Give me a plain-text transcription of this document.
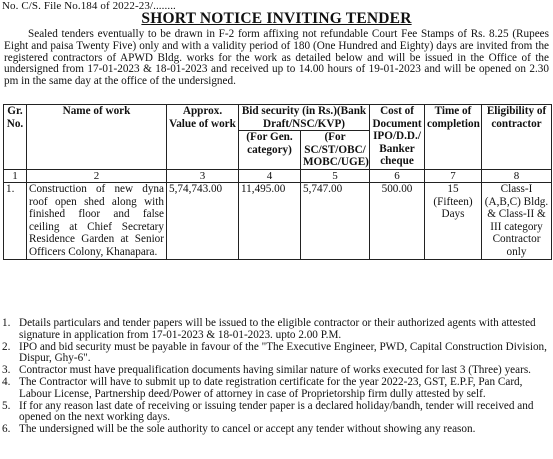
No. C/S. File No.184 of 2022-23/........
SHORT NOTICE INVITING TENDER

Sealed tenders eventually to be drawn in F-2 form affixing not refundable Court Fee Stamps of Rs. 8.25 (Rupees Eight and paisa Twenty Five) only and with a validity period of 180 (One Hundred and Eighty) days are invited from the registered contractors of APWD Bldg. works for the work as detailed below and will be issued in the Office of the undersigned from 17-01-2023 & 18-01-2023 and received up to 14.00 hours of 19-01-2023 and will be opened on 2.30 pm in the same day at the office of the undersigned.

Gr. No.	Name of work	Approx. Value of work	Bid security (in Rs.)(Bank Draft/NSC/KVP)		Cost of Document IPO/D.D./ Banker cheque	Time of completion	Eligibility of contractor
			(For Gen. category)	(For SC/ST/OBC/ MOBC/UGE)			
1	2	3	4	5	6	7	8
1.	Construction of new dyna roof open shed along with finished floor and false ceiling at Chief Secretary Residence Garden at Senior Officers Colony, Khanapara.	5,74,743.00	11,495.00	5,747.00	500.00	15 (Fifteen) Days	Class-I (A,B,C) Bldg. & Class-II & III category Contractor only
1. Details particulars and tender papers will be issued to the eligible contractor or their authorized agents with attested signature in application from 17-01-2023 & 18-01-2023. upto 2.00 P.M.
2. IPO and bid security must be payable in favour of the "The Executive Engineer, PWD, Capital Construction Division, Dispur, Ghy-6".
3. Contractor must have prequalification documents having similar nature of works executed for last 3 (Three) years.
4. The Contractor will have to submit up to date registration certificate for the year 2022-23, GST, E.P.F, Pan Card, Labour License, Partnership deed/Power of attorney in case of Proprietorship firm dully attested by self.
5. If for any reason last date of receiving or issuing tender paper is a declared holiday/bandh, tender will received and opened on the next working days.
6. The undersigned will be the sole authority to cancel or accept any tender without showing any reason.
